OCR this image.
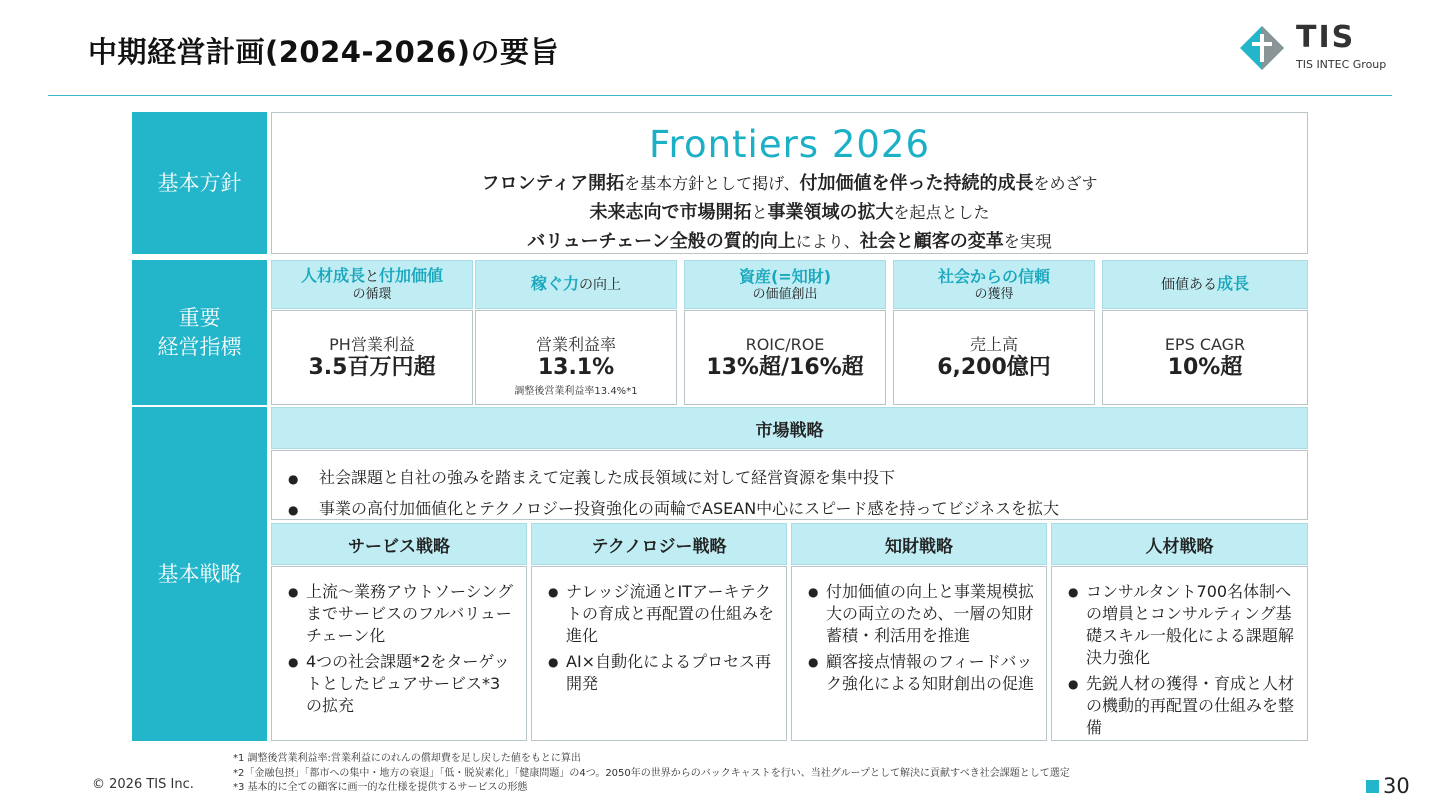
中期経営計画(2024-2026)の要旨	TIS
TIS INTEC Group
基本方針
Frontiers 2026
フロンティア開拓を基本方針として掲げ、付加価値を伴った持続的成長をめざす
未来志向で市場開拓と事業領域の拡大を起点とした
バリューチェーン全般の質的向上により、社会と顧客の変革を実現
重要
経営指標
人材成長と付加価値
の循環
PH営業利益
3.5百万円超
稼ぐ力の向上
営業利益率
13.1%
調整後営業利益率13.4%*1
資産(=知財)
の価値創出
ROIC/ROE
13%超/16%超
社会からの信頼
の獲得
売上高
6,200億円
価値ある成長
EPS CAGR
10%超
基本戦略
市場戦略
● 社会課題と自社の強みを踏まえて定義した成長領域に対して経営資源を集中投下
● 事業の高付加価値化とテクノロジー投資強化の両輪でASEAN中心にスピード感を持ってビジネスを拡大
サービス戦略
● 上流～業務アウトソーシングまでサービスのフルバリューチェーン化
● 4つの社会課題*2をターゲットとしたピュアサービス*3の拡充
テクノロジー戦略
● ナレッジ流通とITアーキテクトの育成と再配置の仕組みを進化
● AI×自動化によるプロセス再開発
知財戦略
● 付加価値の向上と事業規模拡大の両立のため、一層の知財蓄積・利活用を推進
● 顧客接点情報のフィードバック強化による知財創出の促進
人材戦略
● コンサルタント700名体制への増員とコンサルティング基礎スキル一般化による課題解決力強化
● 先鋭人材の獲得・育成と人材の機動的再配置の仕組みを整備
*1 調整後営業利益率:営業利益にのれんの償却費を足し戻した値をもとに算出
*2「金融包摂」「都市への集中・地方の衰退」「低・脱炭素化」「健康問題」の4つ。2050年の世界からのバックキャストを行い、当社グループとして解決に貢献すべき社会課題として選定
*3 基本的に全ての顧客に画一的な仕様を提供するサービスの形態
© 2026 TIS Inc.	30
